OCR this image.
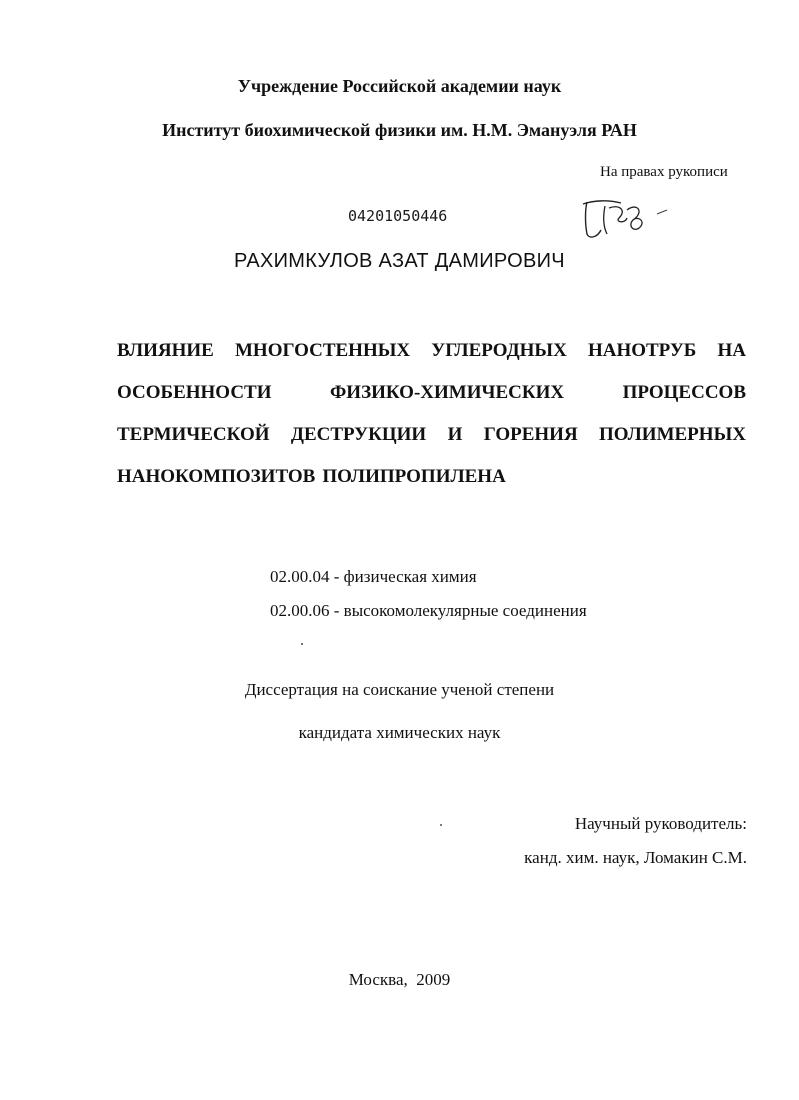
Учреждение Российской академии наук
Институт биохимической физики им. Н.М. Эмануэля РАН
На правах рукописи
04201050446
РАХИМКУЛОВ АЗАТ ДАМИРОВИЧ
ВЛИЯНИЕ МНОГОСТЕННЫХ УГЛЕРОДНЫХ НАНОТРУБ НА
ОСОБЕННОСТИ	ФИЗИКО-ХИМИЧЕСКИХ	ПРОЦЕССОВ
ТЕРМИЧЕСКОЙ ДЕСТРУКЦИИ И ГОРЕНИЯ ПОЛИМЕРНЫХ
НАНОКОМПОЗИТОВ ПОЛИПРОПИЛЕНА
02.00.04 - физическая химия
02.00.06 - высокомолекулярные соединения
Диссертация на соискание ученой степени
кандидата химических наук
Научный руководитель:
канд. хим. наук, Ломакин С.М.
Москва,  2009
